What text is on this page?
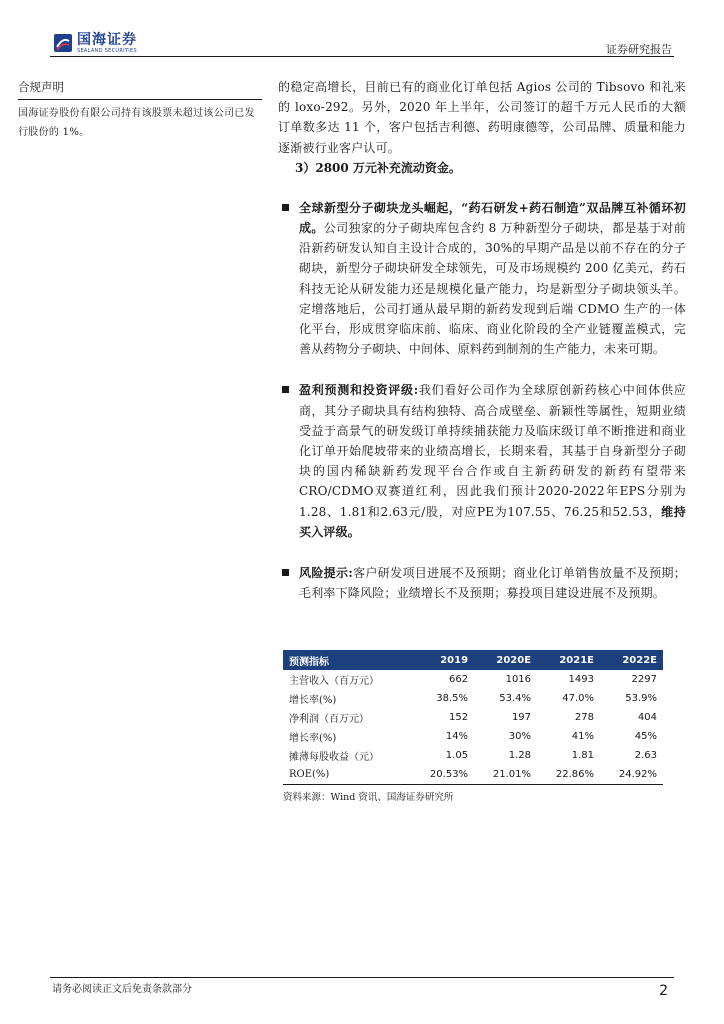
国海证券
SEALAND SECURITIES	证券研究报告
合规声明
国海证券股份有限公司持有该股票未超过该公司已发行股份的 1%。
的稳定高增长，目前已有的商业化订单包括 Agios 公司的 Tibsovo 和礼来的 loxo-292。另外，2020 年上半年，公司签订的超千万元人民币的大额订单数多达 11 个，客户包括吉利德、药明康德等，公司品牌、质量和能力逐渐被行业客户认可。
3）2800 万元补充流动资金。
全球新型分子砌块龙头崛起，“药石研发+药石制造”双品牌互补循环初成。公司独家的分子砌块库包含约 8 万种新型分子砌块，都是基于对前沿新药研发认知自主设计合成的，30%的早期产品是以前不存在的分子砌块，新型分子砌块研发全球领先，可及市场规模约 200 亿美元，药石科技无论从研发能力还是规模化量产能力，均是新型分子砌块领头羊。定增落地后，公司打通从最早期的新药发现到后端 CDMO 生产的一体化平台，形成贯穿临床前、临床、商业化阶段的全产业链覆盖模式，完善从药物分子砌块、中间体、原料药到制剂的生产能力，未来可期。
盈利预测和投资评级:我们看好公司作为全球原创新药核心中间体供应商，其分子砌块具有结构独特、高合成壁垒、新颖性等属性，短期业绩受益于高景气的研发级订单持续捕获能力及临床级订单不断推进和商业化订单开始爬坡带来的业绩高增长，长期来看，其基于自身新型分子砌块的国内稀缺新药发现平台合作或自主新药研发的新药有望带来CRO/CDMO双赛道红利，因此我们预计2020-2022年EPS分别为1.28、1.81和2.63元/股，对应PE为107.55、76.25和52.53，维持买入评级。
风险提示:客户研发项目进展不及预期；商业化订单销售放量不及预期；毛利率下降风险；业绩增长不及预期；募投项目建设进展不及预期。
预测指标	2019	2020E	2021E	2022E
主营收入（百万元）	662	1016	1493	2297
增长率(%)	38.5%	53.4%	47.0%	53.9%
净利润（百万元）	152	197	278	404
增长率(%)	14%	30%	41%	45%
摊薄每股收益（元）	1.05	1.28	1.81	2.63
ROE(%)	20.53%	21.01%	22.86%	24.92%
资料来源：Wind 资讯、国海证券研究所
请务必阅读正文后免责条款部分	2
